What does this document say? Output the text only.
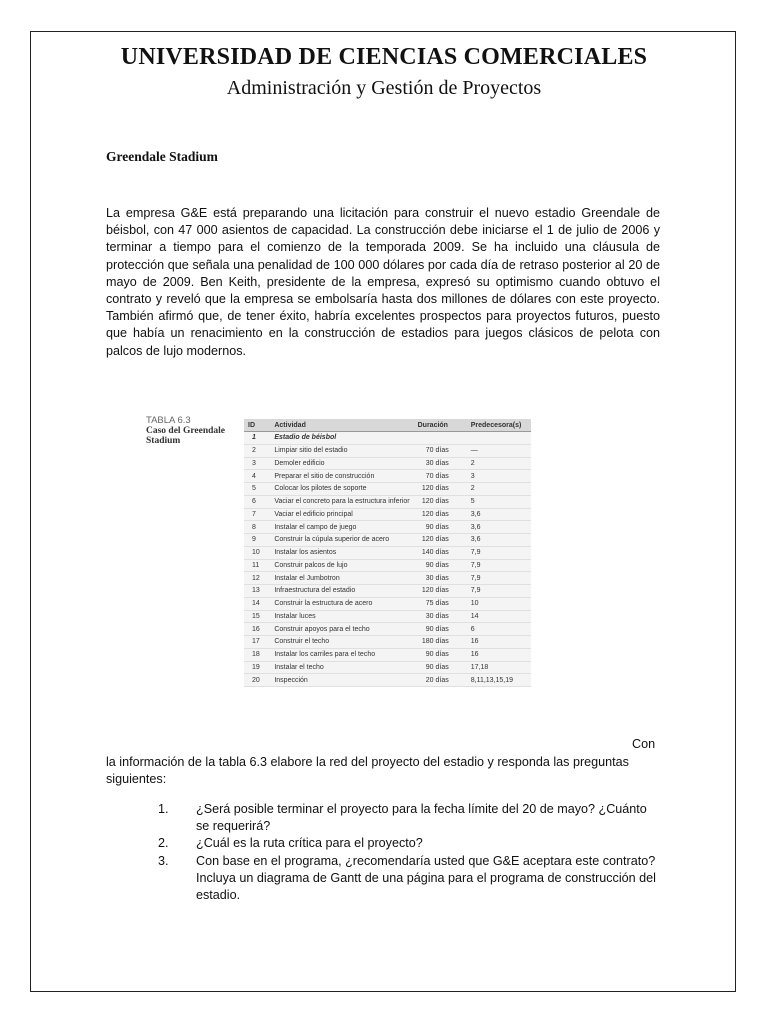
UNIVERSIDAD DE CIENCIAS COMERCIALES
Administración y Gestión de Proyectos
Greendale Stadium
La empresa G&E está preparando una licitación para construir el nuevo estadio Greendale de
béisbol, con 47 000 asientos de capacidad. La construcción debe iniciarse el 1 de julio de 2006 y
terminar a tiempo para el comienzo de la temporada 2009. Se ha incluido una cláusula de
protección que señala una penalidad de 100 000 dólares por cada día de retraso posterior al 20 de
mayo de 2009. Ben Keith, presidente de la empresa, expresó su optimismo cuando obtuvo el
contrato y reveló que la empresa se embolsaría hasta dos millones de dólares con este proyecto.
También afirmó que, de tener éxito, habría excelentes prospectos para proyectos futuros, puesto
que había un renacimiento en la construcción de estadios para juegos clásicos de pelota con
palcos de lujo modernos.
TABLA 6.3
Caso del Greendale
Stadium
ID	Actividad	Duración	Predecesora(s)
1	Estadio de béisbol		
2	Limpiar sitio del estadio	70 días	—
3	Demoler edificio	30 días	2
4	Preparar el sitio de construcción	70 días	3
5	Colocar los pilotes de soporte	120 días	2
6	Vaciar el concreto para la estructura inferior	120 días	5
7	Vaciar el edificio principal	120 días	3,6
8	Instalar el campo de juego	90 días	3,6
9	Construir la cúpula superior de acero	120 días	3,6
10	Instalar los asientos	140 días	7,9
11	Construir palcos de lujo	90 días	7,9
12	Instalar el Jumbotron	30 días	7,9
13	Infraestructura del estadio	120 días	7,9
14	Construir la estructura de acero	75 días	10
15	Instalar luces	30 días	14
16	Construir apoyos para el techo	90 días	6
17	Construir el techo	180 días	16
18	Instalar los carriles para el techo	90 días	16
19	Instalar el techo	90 días	17,18
20	Inspección	20 días	8,11,13,15,19
Con
la información de la tabla 6.3 elabore la red del proyecto del estadio y responda las preguntas siguientes:
1.	¿Será posible terminar el proyecto para la fecha límite del 20 de mayo? ¿Cuánto se requerirá?
2.	¿Cuál es la ruta crítica para el proyecto?
3.	Con base en el programa, ¿recomendaría usted que G&E aceptara este contrato? Incluya un diagrama de Gantt de una página para el programa de construcción del estadio.
